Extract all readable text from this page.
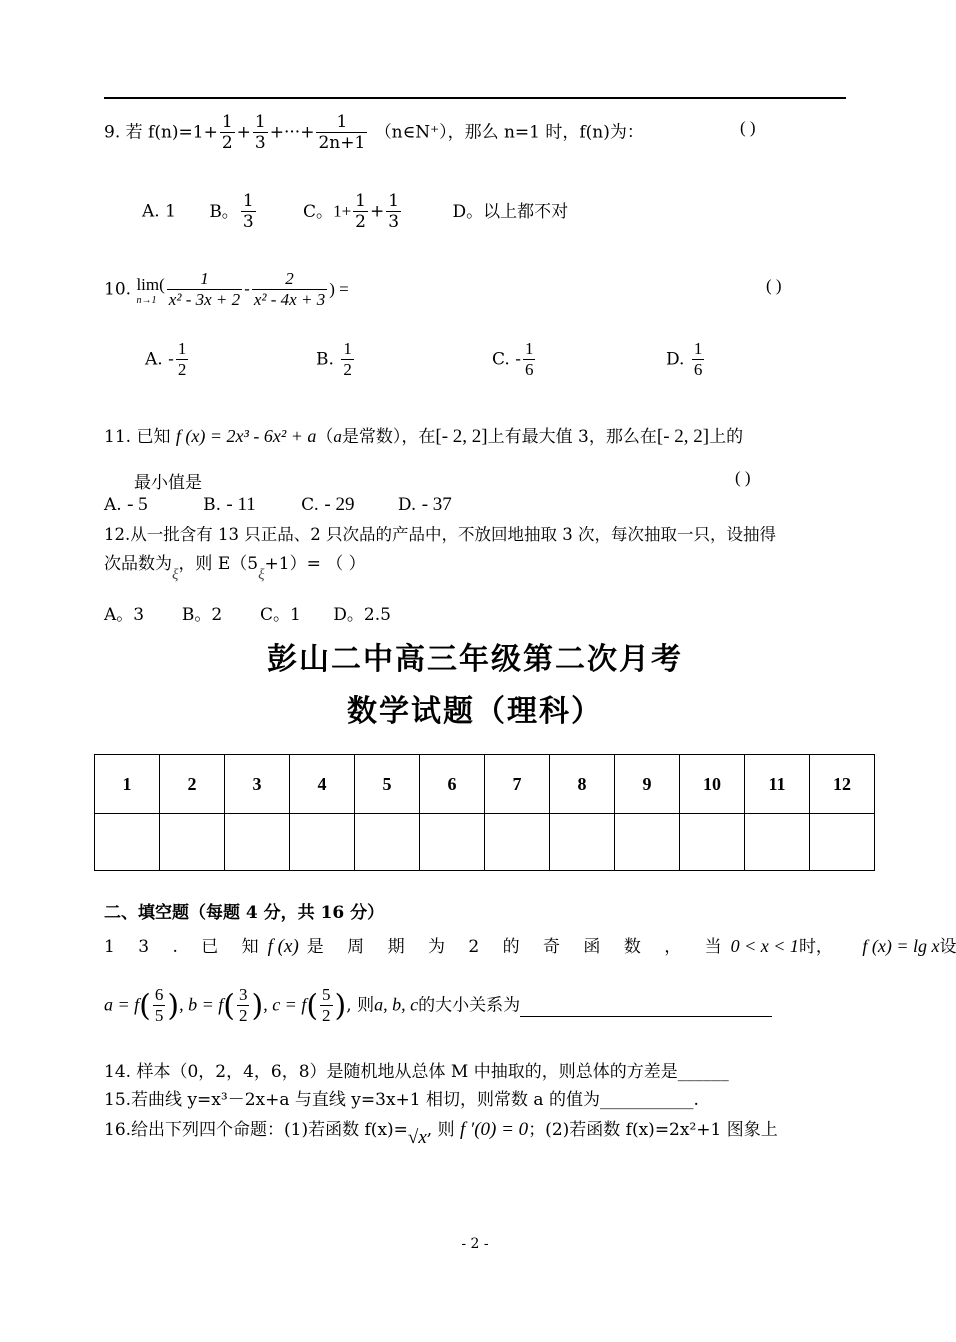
9. 若 $f(n)=1+ \frac{1}{2} + \frac{1}{3}$ +···+ $\frac{1}{2n+1}$ （n∈N⁺），那么 n=1 时，f(n)为：	( )
A. 1 B。 $\frac{1}{3}$	C。$1+ \frac{1}{2} + \frac{1}{3}$	D。以上都不对
10. lim(
$n\to 1 \frac{1}{\text{x² - 3x + 2}} - \frac{2}{\text{x² - 4x + 3}}$ ) =	( )
A. - $\frac{1}{2}$	B. $\frac{1}{2}$	C. - $\frac{1}{6}$	D. $\frac{1}{6}$
11. 已知 f (x) = 2x³ - 6x² + a（a是常数），在[- 2, 2]上有最大值 3，那么在[- 2, 2]上的
最小值是	( )
A. - 5	B. - 11	C. - 29	D. - 37
12.从一批含有 13 只正品、2 只次品的产品中，不放回地抽取 3 次，每次抽取一只，设抽得
次品数为ξ，则 E（5ξ+1）= （ ）
A。3       B。2       C。1      D。2.5
彭山二中高三年级第二次月考
数学试题（理科）
1	2	3	4	5	6	7	8	9	10	11	12

二、填空题（每题 4 分，共 16 分）
1 3 . 已 知f (x) 是 周 期 为 2 的 奇 函 数 ， 当0 < x < 1时， f (x) = lg x设
$a = f( \frac{6}{5}$ ), $b = f( \frac{3}{2}$ ), $c = f( \frac{5}{2}$ ), 则a, b, c的大小关系为
14. 样本（0，2，4，6，8）是随机地从总体 M 中抽取的，则总体的方差是______
15.若曲线 y=x³－2x+a 与直线 y=3x+1 相切，则常数 a 的值为___________.
16.给出下列四个命题：(1)若函数 f(x)=√x, 则 f ′(0) = 0；(2)若函数 f(x)=2x²+1 图象上
- 2 -
